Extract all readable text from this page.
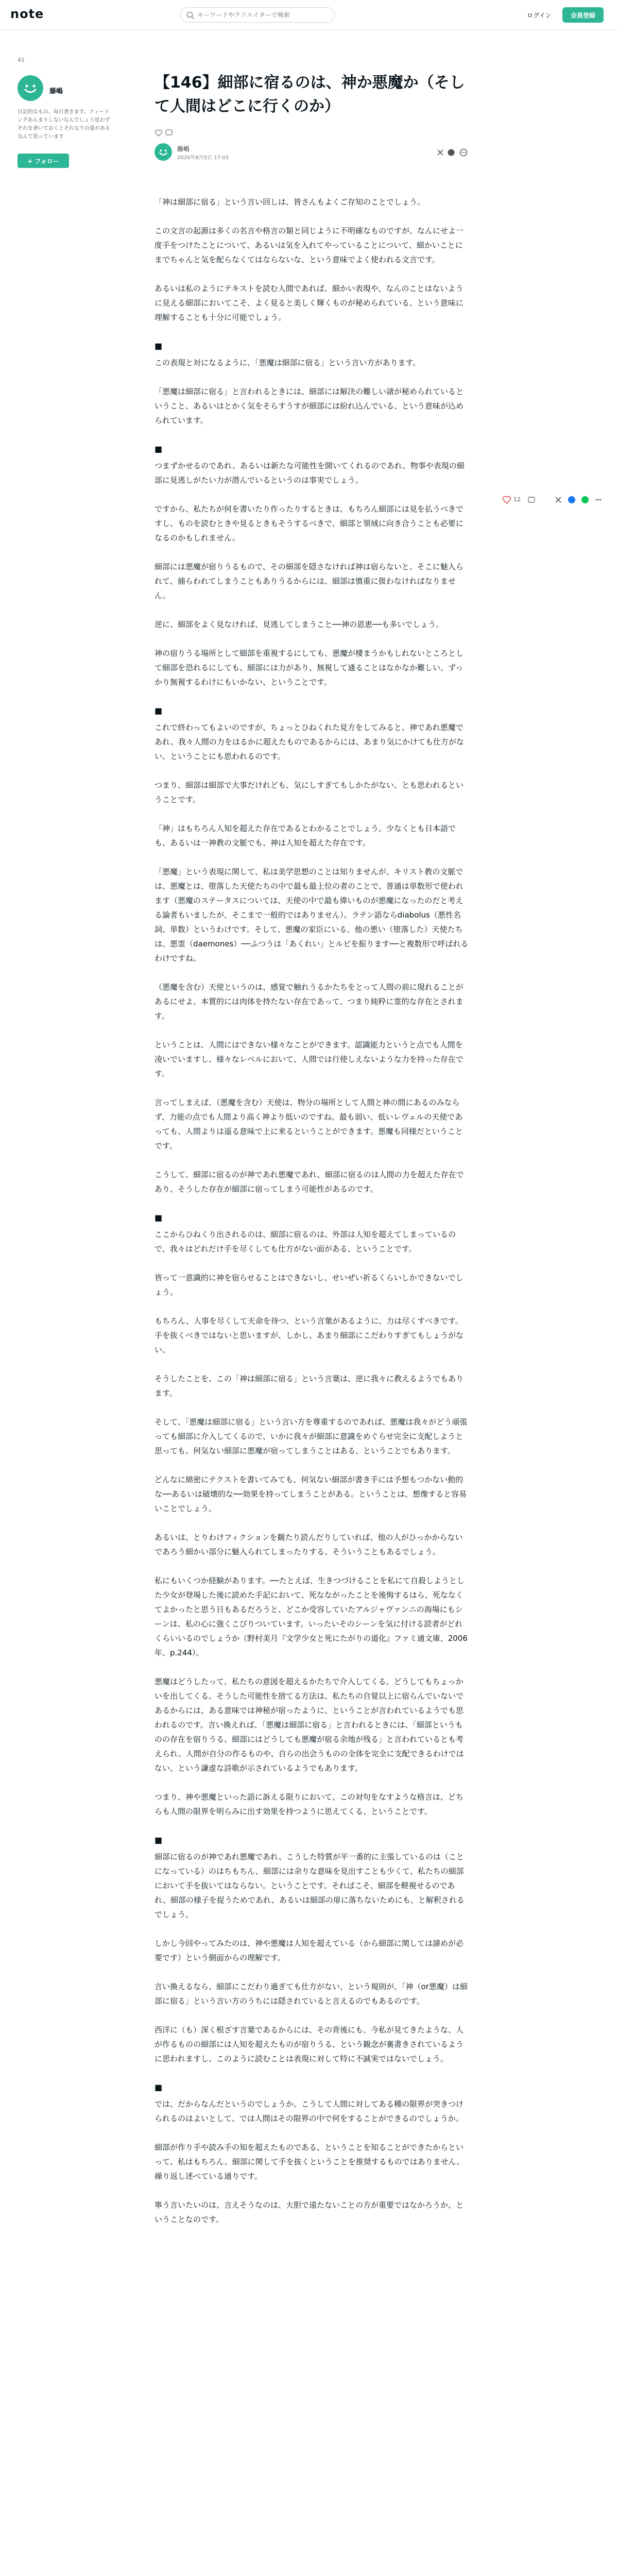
note
キーワードやクリエイターで検索	ログイン	会員登録
41
藤嶋
日記的なもの、毎日書きます。フィーリングあんまりしないなんでしょう思わずそれを書いておくとそれなりの量があるなんて思っています
+ フォロー
【146】細部に宿るのは、神か悪魔か（そして人間はどこに行くのか）
藤嶋
2020年8月5日 17:03

「神は細部に宿る」という言い回しは、皆さんもよくご存知のことでしょう。

この文言の起源は多くの名言や格言の類と同じように不明確なものですが、なんにせよ一度手をつけたことについて、あるいは気を入れてやっていることについて、細かいことにまでちゃんと気を配らなくてはならないな、という意味でよく使われる文言です。

あるいは私のようにテキストを読む人間であれば、細かい表現や、なんのことはないように見える細部においてこそ、よく見ると美しく輝くものが秘められている、という意味に理解することも十分に可能でしょう。

■

この表現と対になるように、「悪魔は細部に宿る」という言い方があります。

「悪魔は細部に宿る」と言われるときには、細部には解決の難しい諸が秘められているということ、あるいはとかく気をそらすうすが細部には紛れ込んでいる、という意味が込められています。

■

つまずかせるのであれ、あるいは新たな可能性を開いてくれるのであれ、物事や表現の細部に見逃しがたい力が潜んでいるというのは事実でしょう。

ですから、私たちが何を書いたり作ったりするときは、もちろん細部には見を払うべきですし、ものを読むときや見るときもそうするべきで、細部と領域に向き合うことも必要になるのかもしれません。

細部には悪魔が宿りうるもので、その細部を隠さなければ神は宿らないと、そこに魅入られて、捕らわれてしまうこともありうるからには、細部は慎重に扱わなければなりません。

逆に、細部をよく見なければ、見逃してしまうこと──神の恩恵──も多いでしょう。

神の宿りうる場所として細部を重視するにしても、悪魔が棲まうかもしれないところとして細部を恐れるにしても、細部には力があり、無視して通ることはなかなか難しい、ずっかり無視するわけにもいかない、ということです。

■

これで終わってもよいのですが、ちょっとひねくれた見方をしてみると、神であれ悪魔であれ、我々人間の力をはるかに超えたものであるからには、あまり気にかけても仕方がない、ということにも思われるのです。

つまり、細部は細部で大事だけれども、気にしすぎてもしかたがない、とも思われるということです。

「神」はもちろん人知を超えた存在であるとわかることでしょう。少なくとも日本語でも、あるいは一神教の文脈でも、神は人知を超えた存在です。

「悪魔」という表現に関して、私は美学思想のことは知りませんが、キリスト教の文脈では、悪魔とは、堕落した天使たちの中で最も最上位の者のことで、普通は単数形で使われます（悪魔のステータスについては、天使の中で最も偉いものが悪魔になったのだと考える論者もいましたが、そこまで一般的ではありません）。ラテン語ならdiabolus（悪性名詞、単数）というわけです。そして、悪魔の家臣にいる、他の悪い（堕落した）天使たちは、悪霊（daemones）──ふつうは「あくれい」とルビを振ります──と複数形で呼ばれるわけですね。

（悪魔を含む）天使というのは、感覚で触れうるかたちをとって人間の前に現れることがあるにせよ、本質的には肉体を持たない存在であって、つまり純粋に霊的な存在とされます。

ということは、人間にはできない様々なことができます。認識能力というと点でも人間を凌いでいますし、様々なレベルにおいて、人間では行使しえないような力を持った存在です。

言ってしまえば、（悪魔を含む）天使は、物分の場所として人間と神の間にあるのみならず、力能の点でも人間より高く神より低いのですね。最も弱い、低いレヴェルの天使であっても、人間よりは遥る意味で上に来るということができます。悪魔も同様だということです。

こうして、細部に宿るのが神であれ悪魔であれ、細部に宿るのは人間の力を超えた存在であり、そうした存在が細部に宿ってしまう可能性があるのです。

■

ここからひねくり出されるのは、細部に宿るのは、外部は人知を超えてしまっているので、我々はどれだけ手を尽くしても仕方がない面がある、ということです。

皆って一意識的に神を宿らせることはできないし、せいぜい祈るくらいしかできないでしょう。

もちろん、人事を尽くして天命を待つ、という言葉があるように、力は尽くすべきです。手を抜くべきではないと思いますが、しかし、あまり細部にこだわりすぎてもしょうがない。

そうしたことを、この「神は細部に宿る」という言葉は、逆に我々に教えるようでもあります。

そして、「悪魔は細部に宿る」という言い方を尊重するのであれば、悪魔は我々がどう頑張っても細部に介入してくるので、いかに我々が細部に意識をめぐらせ完全に支配しようと思っても、何気ない細部に悪魔が宿ってしまうことはある、ということでもあります。

どんなに綿密にテクストを書いてみても、何気ない細部が書き手には予想もつかない動的な──あるいは破壊的な──効果を持ってしまうことがある。ということは、想像すると容易いことでしょう。

あるいは、とりわけフィクションを観たり読んだりしていれば、他の人がひっかからないであろう細かい部分に魅入られてしまったりする、そういうこともあるでしょう。

私にもいくつか経験があります。──たとえば、生きつづけることを私にて自殺しようとした少女が登場した後に読めた手記において、死なながったことを後悔するはら、死ななくてよかったと思う日もあるだろうと、どこか受容していたアルジャヴァンニの海場にもシーンは、私の心に強くこびりついています。いったいそのシーンを気に付ける読者がどれくらいいるのでしょうか（野村美月『文学少女と死にたがりの道化』ファミ通文庫、2006年、p.244）。

悪魔はどうしたって、私たちの意図を超えるかたちで介入してくる。どうしてもちょっかいを出してくる。そうした可能性を捨てる方法は、私たちの自覚以上に宿らんでいないであるからには、ある意味では神秘が宿ったように、ということが言われているようでも思われるのです。言い換えれば、「悪魔は細部に宿る」と言われるときには、「細部というものの存在を宿りうる、細部にはどうしても悪魔が宿る余地が残る」と言われているとも考えられ、人間が自分の作るものや、自らの出会うものの全体を完全に支配できるわけではない、という謙虚な詩歌が示されているようでもあります。

つまり、神や悪魔といった語に訴える限りにおいて、この対句をなすような格言は、どちらも人間の限界を明らみに出す効果を持つように思えてくる、ということです。

■

細部に宿るのが神であれ悪魔であれ、こうした特質が平一番的に主張しているのは（ことになっている）のはちもちん、細部には余りな意味を見出すことも少くて、私たちの細部において手を抜いてはならない。ということです。そればこそ、細部を軽視せるのであれ、細部の様子を捉うためであれ、あるいは細部の扉に落ちないためにも、と解釈されるでしょう。

しかし今回やってみたのは、神や悪魔は人知を超えている（から細部に関しては諦めが必要です）という側面からの理解です。

言い換えるなら、細部にこだわり過ぎても仕方がない、という規則が、「神（or悪魔）は細部に宿る」という言い方のうちには隠されていると言えるのでもあるのです。

西洋に（も）深く根ざす言葉であるからには、その背後にも、今私が見てきたような、人が作るものの細部には人知を超えたものが宿りうる、という観念が裏書きされているように思われますし、このように読むことは表現に対して特に不誠実ではないでしょう。

■

では、だからなんだというのでしょうか。こうして人間に対してある種の限界が突きつけられるのはよいとして、では人間はその限界の中で何をすることができるのでしょうか。

細部が作り手や読み手の知を超えたものである、ということを知ることができたからといって、私はもちろん、細部に関して手を抜くということを推奨するものではありません。繰り返し述べている通りです。

寧う言いたいのは、言えそうなのは、大胆で遠たないことの方が重要ではなかろうか、ということなのです。

12
